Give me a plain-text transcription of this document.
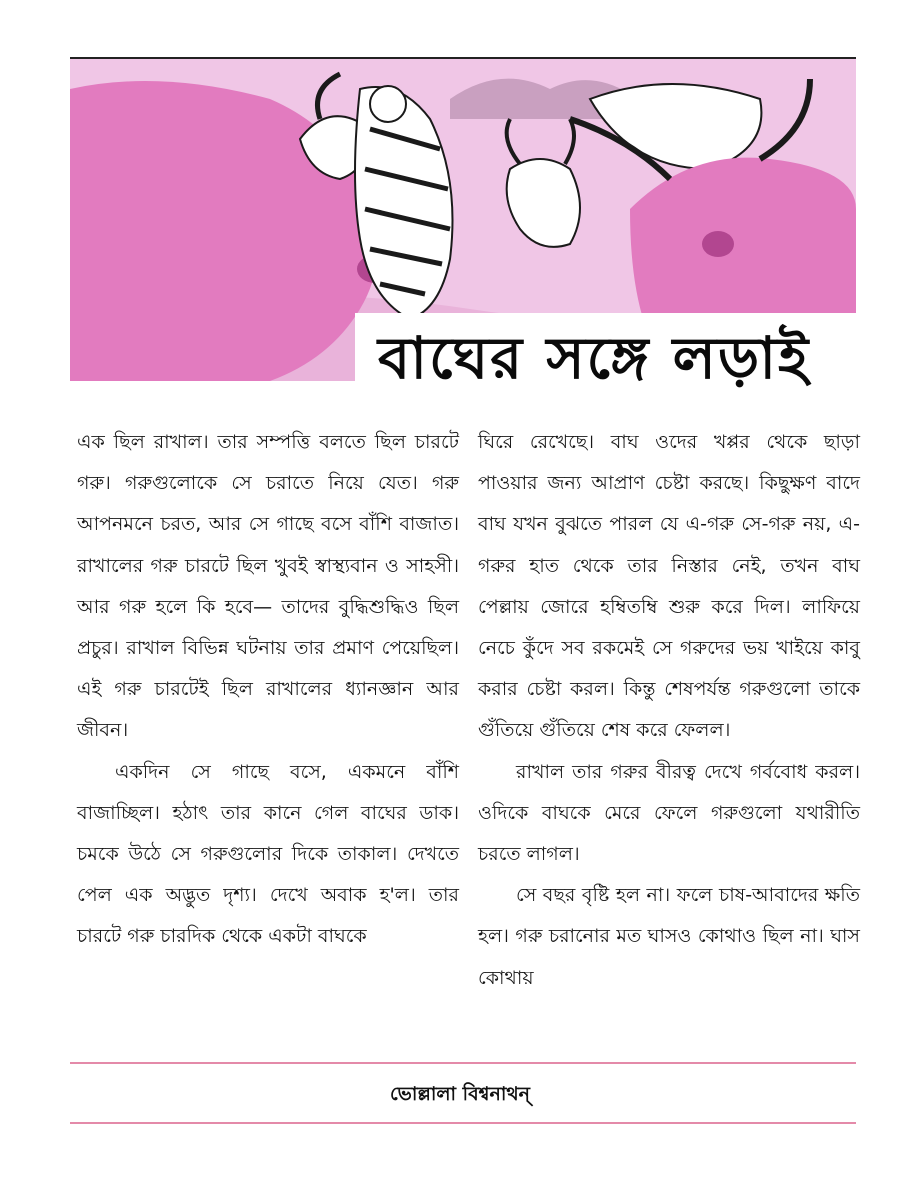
বাঘের সঙ্গে লড়াই

এক ছিল রাখাল। তার সম্পত্তি বলতে ছিল চারটে গরু। গরুগুলোকে সে চরাতে নিয়ে যেত। গরু আপনমনে চরত, আর সে গাছে বসে বাঁশি বাজাত। রাখালের গরু চারটে ছিল খুবই স্বাস্থ্যবান ও সাহসী। আর গরু হলে কি হবে— তাদের বুদ্ধিশুদ্ধিও ছিল প্রচুর। রাখাল বিভিন্ন ঘটনায় তার প্রমাণ পেয়েছিল। এই গরু চারটেই ছিল রাখালের ধ্যানজ্ঞান আর জীবন।

একদিন সে গাছে বসে, একমনে বাঁশি বাজাচ্ছিল। হঠাৎ তার কানে গেল বাঘের ডাক। চমকে উঠে সে গরুগুলোর দিকে তাকাল। দেখতে পেল এক অদ্ভুত দৃশ্য। দেখে অবাক হ'ল। তার চারটে গরু চারদিক থেকে একটা বাঘকে

ঘিরে রেখেছে। বাঘ ওদের খপ্পর থেকে ছাড়া পাওয়ার জন্য আপ্রাণ চেষ্টা করছে। কিছুক্ষণ বাদে বাঘ যখন বুঝতে পারল যে এ-গরু সে-গরু নয়, এ-গরুর হাত থেকে তার নিস্তার নেই, তখন বাঘ পেল্লায় জোরে হম্বিতম্বি শুরু করে দিল। লাফিয়ে নেচে কুঁদে সব রকমেই সে গরুদের ভয় খাইয়ে কাবু করার চেষ্টা করল। কিন্তু শেষপর্যন্ত গরুগুলো তাকে গুঁতিয়ে গুঁতিয়ে শেষ করে ফেলল।

রাখাল তার গরুর বীরত্ব দেখে গর্ববোধ করল। ওদিকে বাঘকে মেরে ফেলে গরুগুলো যথারীতি চরতে লাগল।

সে বছর বৃষ্টি হল না। ফলে চাষ-আবাদের ক্ষতি হল। গরু চরানোর মত ঘাসও কোথাও ছিল না। ঘাস কোথায়

ভোল্লালা বিশ্বনাথন্
